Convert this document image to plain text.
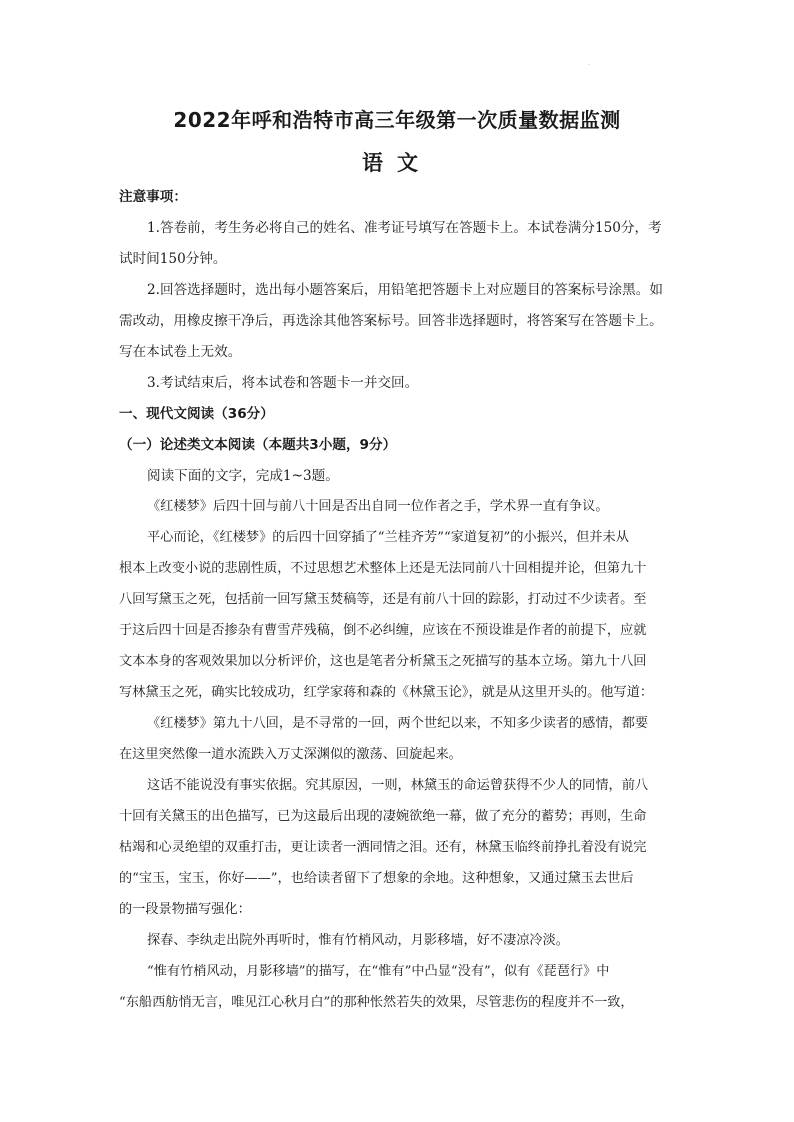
·
2022年呼和浩特市高三年级第一次质量数据监测
语文
注意事项：
1.答卷前，考生务必将自己的姓名、准考证号填写在答题卡上。本试卷满分150分，考
试时间150分钟。
2.回答选择题时，选出每小题答案后，用铅笔把答题卡上对应题目的答案标号涂黑。如
需改动，用橡皮擦干净后，再选涂其他答案标号。回答非选择题时，将答案写在答题卡上。
写在本试卷上无效。
3.考试结束后，将本试卷和答题卡一并交回。
一、现代文阅读（36分）
（一）论述类文本阅读（本题共3小题，9分）
阅读下面的文字，完成1~3题。
《红楼梦》后四十回与前八十回是否出自同一位作者之手，学术界一直有争议。
平心而论，《红楼梦》的后四十回穿插了“兰桂齐芳”“家道复初”的小振兴，但并未从
根本上改变小说的悲剧性质，不过思想艺术整体上还是无法同前八十回相提并论，但第九十
八回写黛玉之死，包括前一回写黛玉焚稿等，还是有前八十回的踪影，打动过不少读者。至
于这后四十回是否掺杂有曹雪芹残稿，倒不必纠缠，应该在不预设谁是作者的前提下，应就
文本本身的客观效果加以分析评价，这也是笔者分析黛玉之死描写的基本立场。第九十八回
写林黛玉之死，确实比较成功，红学家蒋和森的《林黛玉论》，就是从这里开头的。他写道：
《红楼梦》第九十八回，是不寻常的一回，两个世纪以来，不知多少读者的感情，都要
在这里突然像一道水流跌入万丈深渊似的激荡、回旋起来。
这话不能说没有事实依据。究其原因，一则，林黛玉的命运曾获得不少人的同情，前八
十回有关黛玉的出色描写，已为这最后出现的凄婉欲绝一幕，做了充分的蓄势；再则，生命
枯竭和心灵绝望的双重打击，更让读者一洒同情之泪。还有，林黛玉临终前挣扎着没有说完
的“宝玉，宝玉，你好——”，也给读者留下了想象的余地。这种想象，又通过黛玉去世后
的一段景物描写强化：
探春、李纨走出院外再听时，惟有竹梢风动，月影移墙，好不凄凉冷淡。
“惟有竹梢风动，月影移墙”的描写，在“惟有”中凸显“没有”，似有《琵琶行》中
“东船西舫悄无言，唯见江心秋月白”的那种怅然若失的效果，尽管悲伤的程度并不一致，
